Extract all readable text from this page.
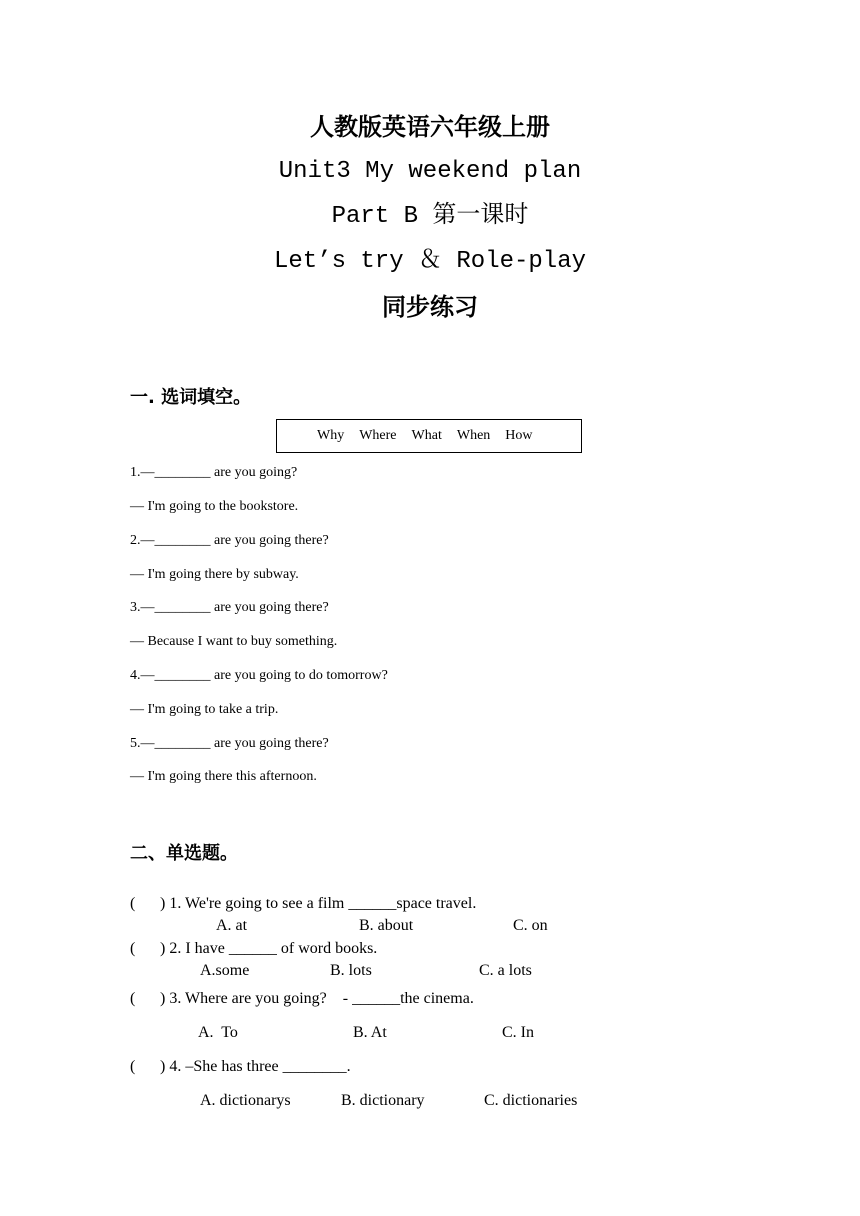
人教版英语六年级上册
Unit3 My weekend plan
Part B 第一课时
Let’s try ＆ Role-play
同步练习
一. 选词填空。
Why Where What When How
1.—________ are you going?
— I'm going to the bookstore.
2.—________ are you going there?
— I'm going there by subway.
3.—________ are you going there?
— Because I want to buy something.
4.—________ are you going to do tomorrow?
— I'm going to take a trip.
5.—________ are you going there?
— I'm going there this afternoon.
二、单选题。
( ) 1. We're going to see a film ______space travel.
A. at	B. about	C. on
( ) 2. I have ______ of word books.
A.some	B. lots	C. a lots
( ) 3. Where are you going?    - ______the cinema.
A.  To	B. At	C. In
( ) 4. –She has three ________.
A. dictionarys	B. dictionary	C. dictionaries
